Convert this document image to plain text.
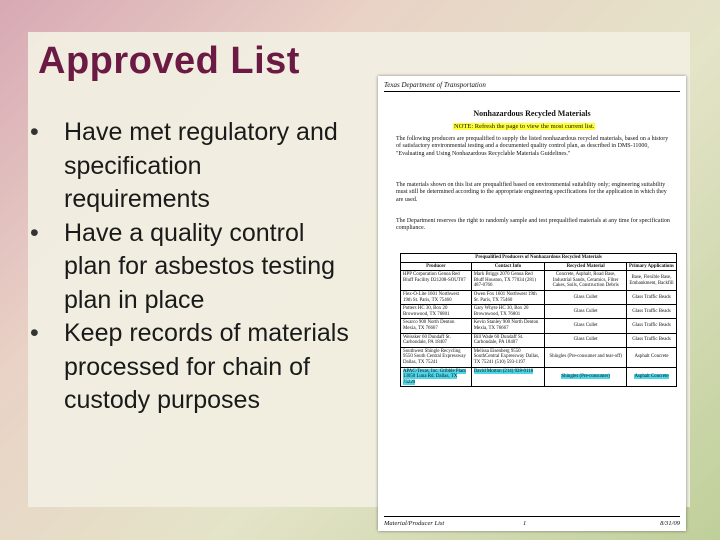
Approved List
• Have met regulatory and specification requirements
• Have a quality control plan for asbestos testing plan in place
• Keep records of materials processed for chain of custody purposes
Texas Department of Transportation
Nonhazardous Recycled Materials
NOTE: Refresh the page to view the most current list.

The following producers are prequalified to supply the listed nonhazardous recycled materials, based on a history of satisfactory environmental testing and a documented quality control plan, as described in DMS-11000, "Evaluating and Using Nonhazardous Recyclable Materials Guidelines."

The materials shown on this list are prequalified based on environmental suitability only; engineering suitability must still be determined according to the appropriate engineering specifications for the application in which they are used.

The Department reserves the right to randomly sample and test prequalified materials at any time for specification compliance.

Prequalified Producers of Nonhazardous Recycled Materials			
Producer	Contact Info	Recycled Material	Primary Applications
HPP Corporation Genoa Red Bluff Facility D21208-SOUT07	Mark Briggs 2070 Genoa Red Bluff Houston, TX 77034 (281) 487-0766	Concrete, Asphalt, Road Base, Industrial Sands, Ceramics, Filter Cakes, Soils, Construction Debris	Base, Flexible Base, Embankment, Backfill
Flex-O-Lite 1601 Northwest 19th St. Paris, TX 75460	Owen Fox 1601 Northwest 19th St. Paris, TX 75460	Glass Cullet	Glass Traffic Beads
Potters HC 30, Box 20 Brownwood, TX 76801	Gary Whyte HC 30, Box 20 Brownwood, TX 76801	Glass Cullet	Glass Traffic Beads
Swarco 900 North Denton Mexia, TX 76667	Kevin Stanley 900 North Denton Mexia, TX 76667	Glass Cullet	Glass Traffic Beads
Weissker 60 Dundaff St. Carbondale, PA 18407	Bill Wade 60 Dundaff St. Carbondale, PA 18407	Glass Cullet	Glass Traffic Beads
Southwest Shingle Recycling 9550 South Central Expressway Dallas, TX 75241	Melissa Eisenberg 9550 SouthCentral Expressway Dallas, TX 75241 (510) 593-1197	Shingles (Pre-consumer and tear-off)	Asphalt Concrete
APAC-Texas, Inc. Gribble Plant 13050 Luna Rd. Dallas, TX 75220	David Morton (214) 928-0118	Shingles (Pre-consumer)	Asphalt Concrete
Material/Producer List	1	8/31/09
